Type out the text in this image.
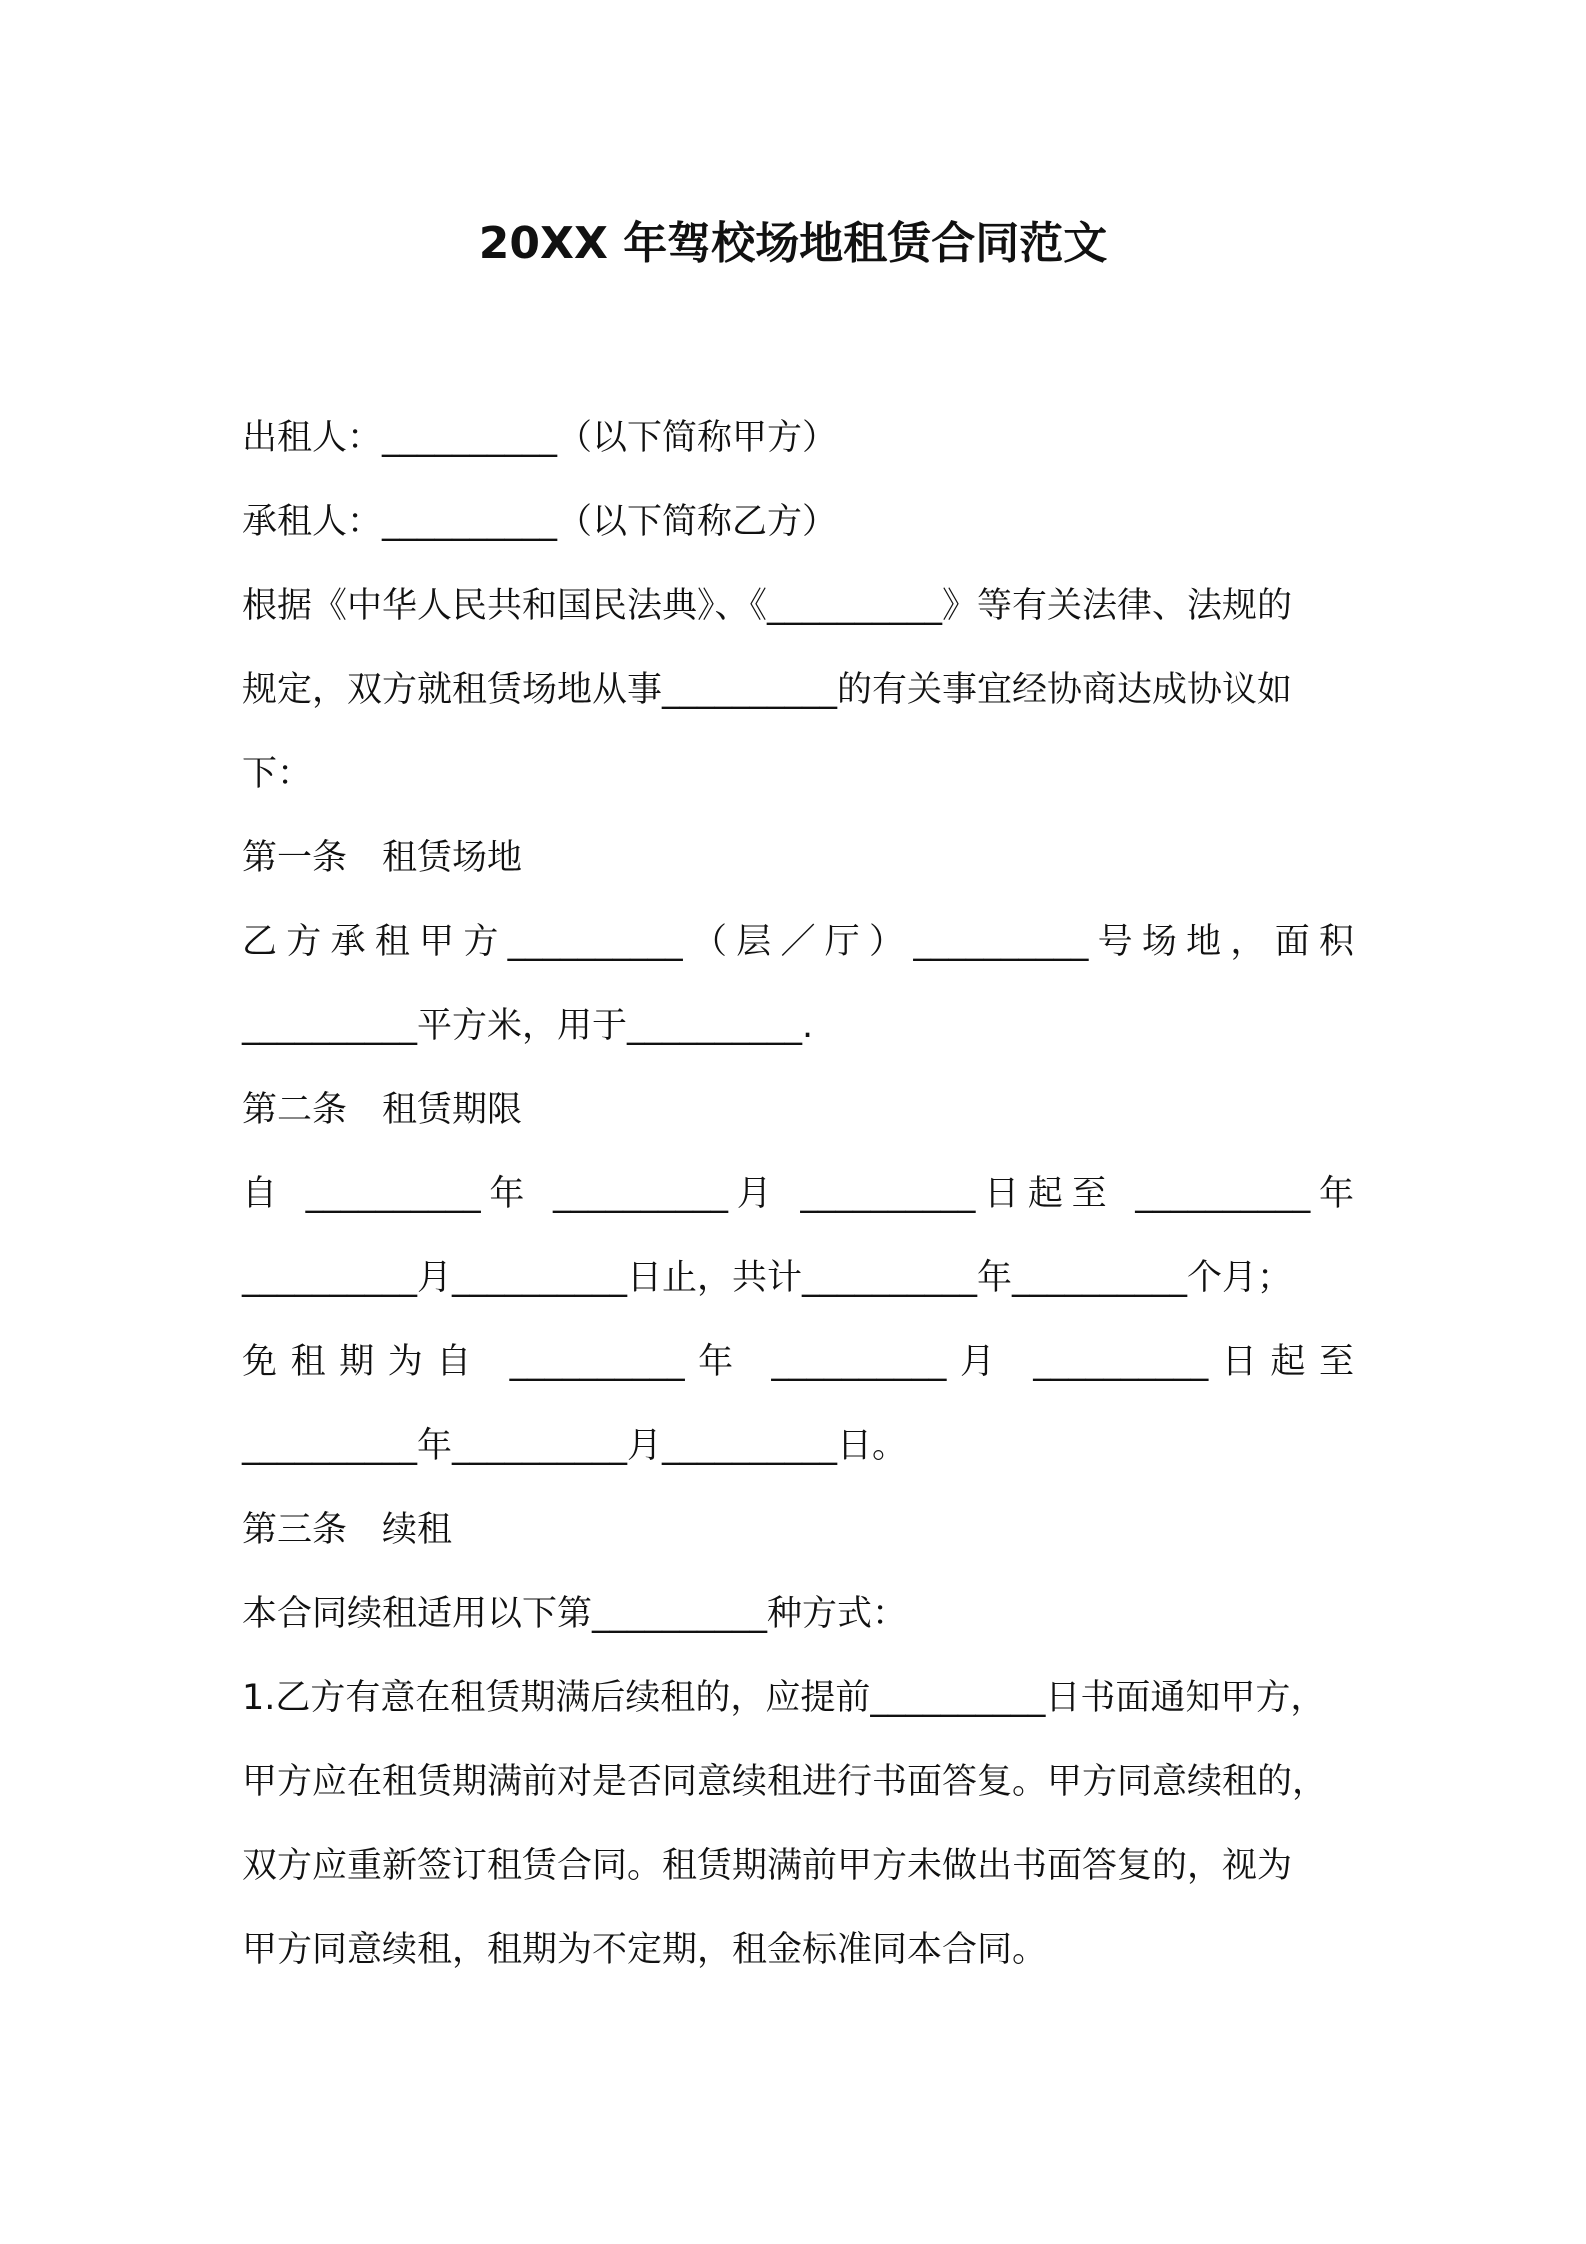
20XX 年驾校场地租赁合同范文
出租人：__________（以下简称甲方）
承租人：__________（以下简称乙方）
根据《中华人民共和国民法典》、《__________》等有关法律、法规的
规定，双方就租赁场地从事__________的有关事宜经协商达成协议如
下：
第一条　租赁场地
乙方承租甲方__________（层／厅）__________号场地，面积
__________平方米，用于__________.
第二条　租赁期限
自 __________年 __________月 __________日起至 __________年
__________月__________日止，共计__________年__________个月；
免租期为自 __________年 __________月 __________日起至
__________年__________月__________日。
第三条　续租
本合同续租适用以下第__________种方式：
1.乙方有意在租赁期满后续租的，应提前__________日书面通知甲方，
甲方应在租赁期满前对是否同意续租进行书面答复。甲方同意续租的，
双方应重新签订租赁合同。租赁期满前甲方未做出书面答复的，视为
甲方同意续租，租期为不定期，租金标准同本合同。
